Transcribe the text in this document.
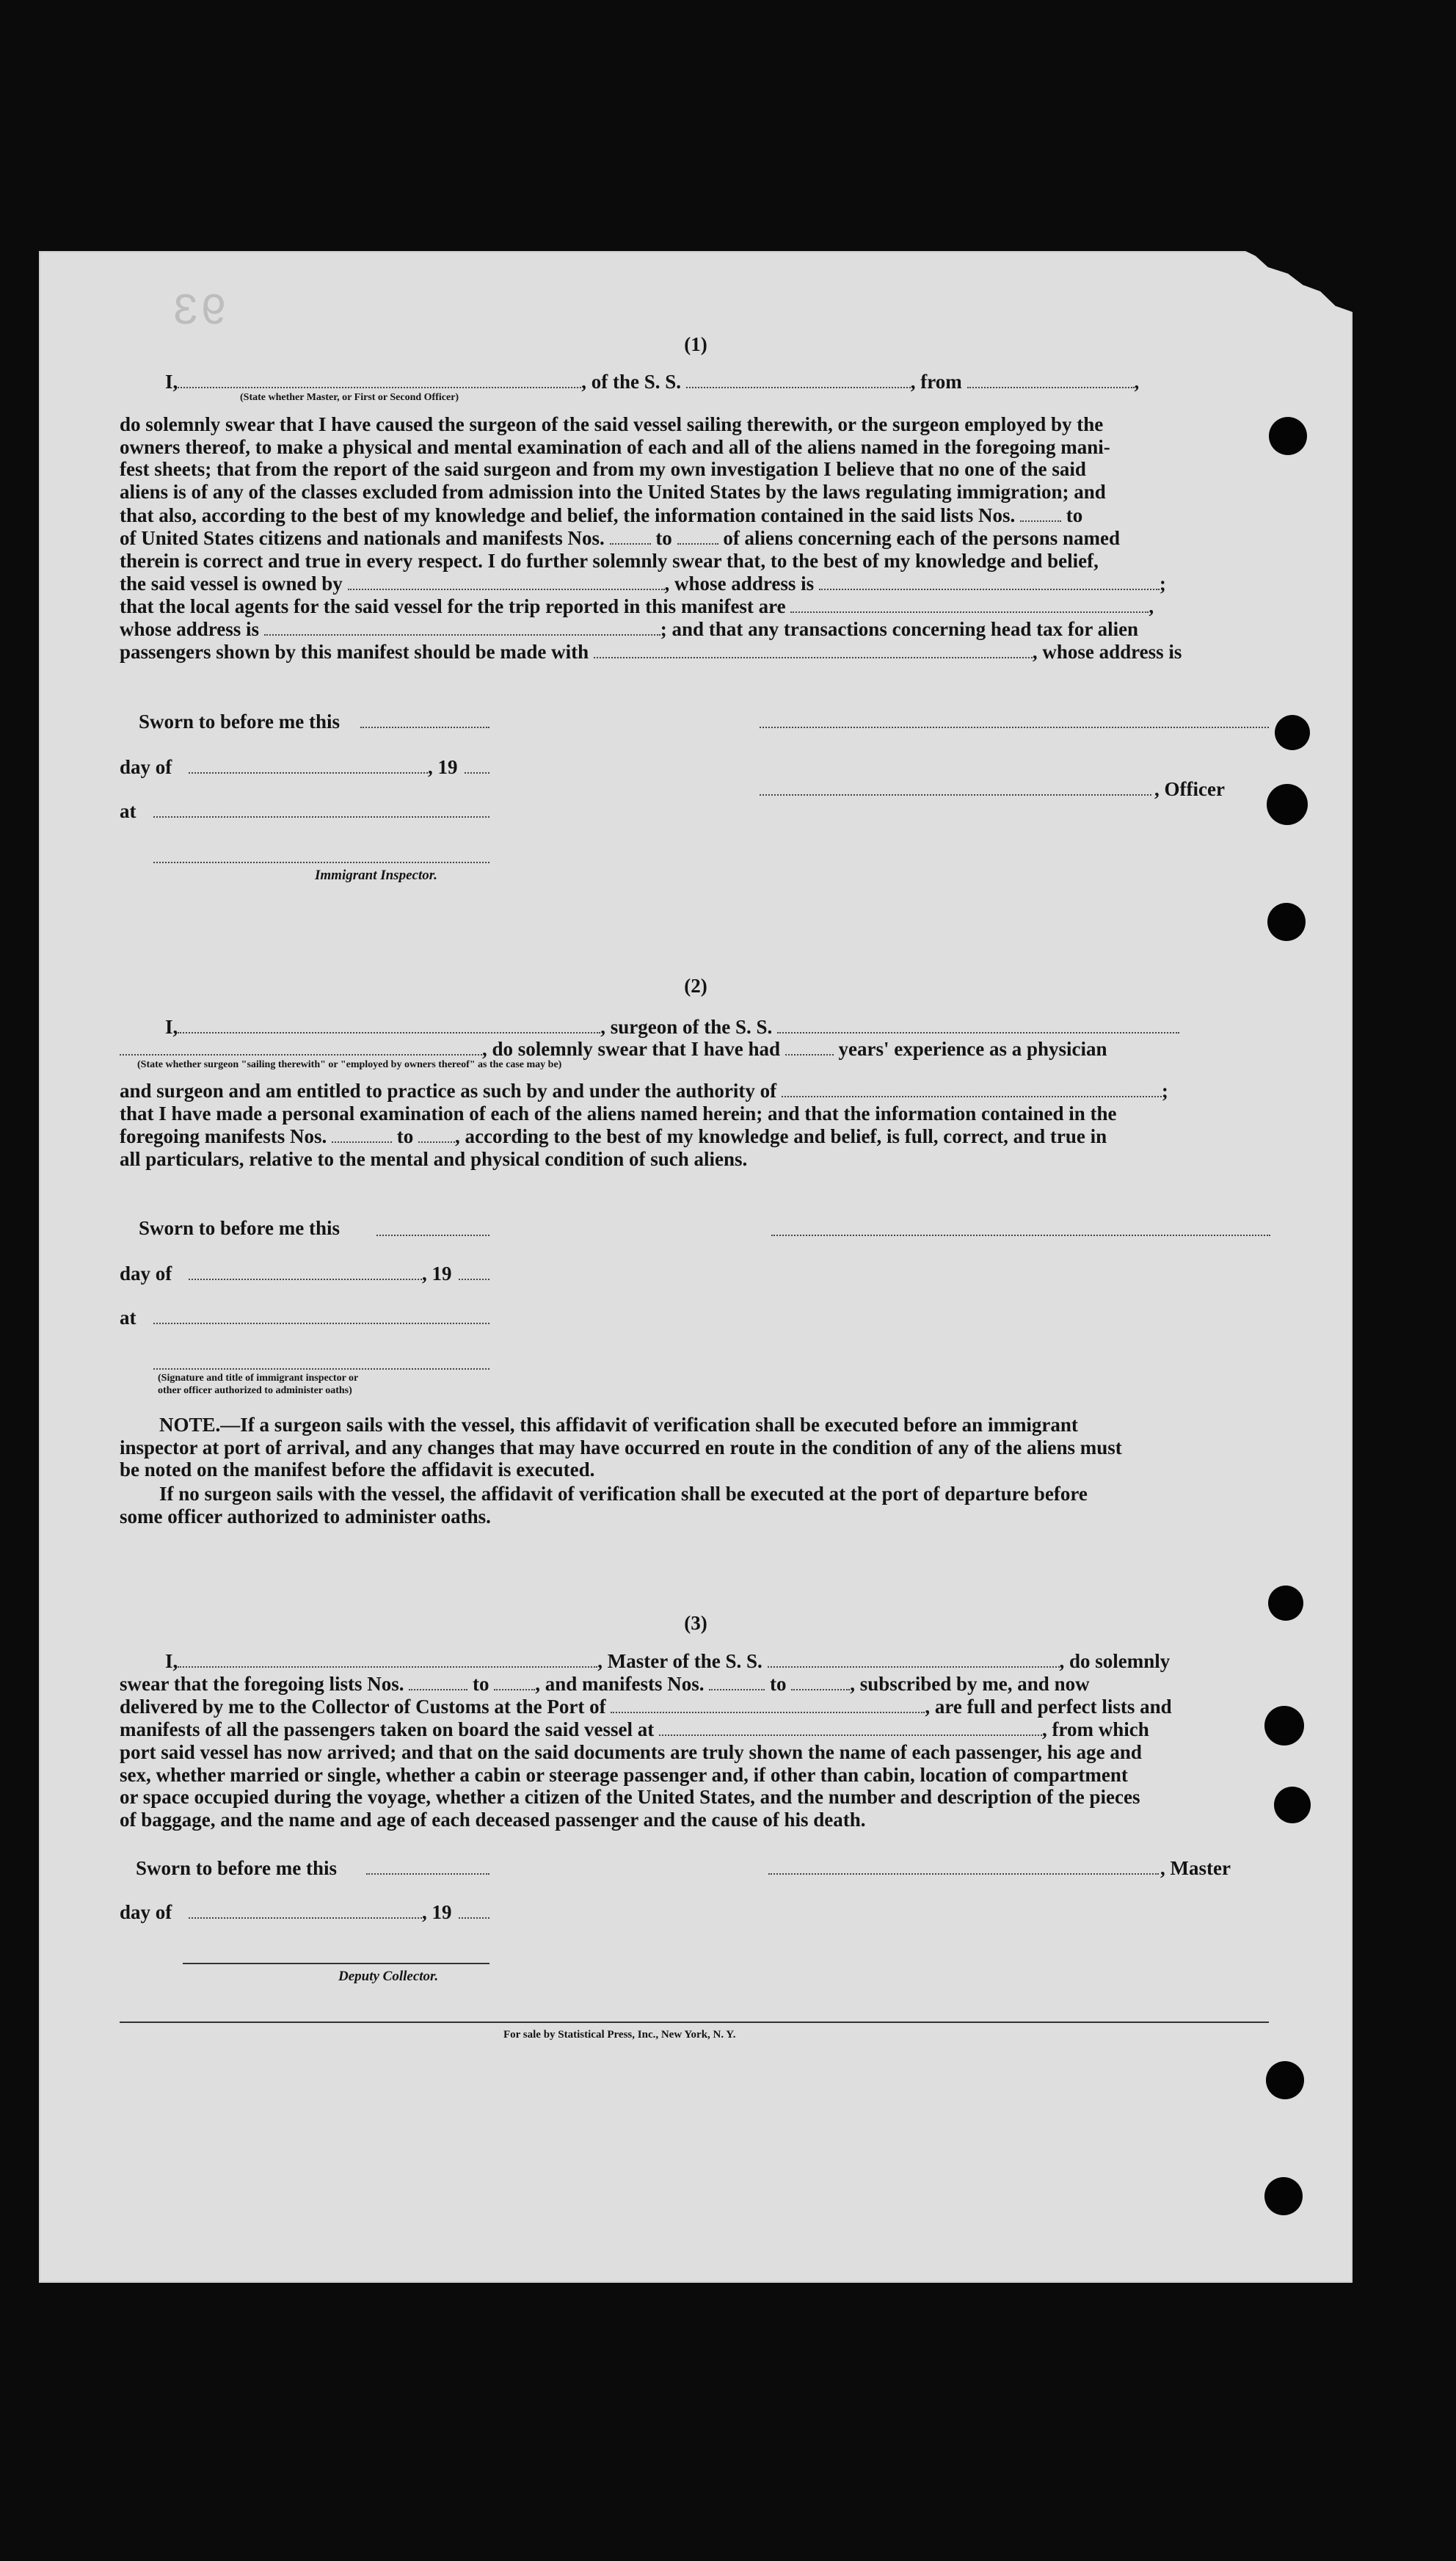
93
(1)
I,	, of the S. S.	, from	,
(State whether Master, or First or Second Officer)
do solemnly swear that I have caused the surgeon of the said vessel sailing therewith, or the surgeon employed by the
owners thereof, to make a physical and mental examination of each and all of the aliens named in the foregoing mani-
fest sheets; that from the report of the said surgeon and from my own investigation I believe that no one of the said
aliens is of any of the classes excluded from admission into the United States by the laws regulating immigration; and
that also, according to the best of my knowledge and belief, the information contained in the said lists Nos.	to
of United States citizens and nationals and manifests Nos.	to	of aliens concerning each of the persons named
therein is correct and true in every respect. I do further solemnly swear that, to the best of my knowledge and belief,
the said vessel is owned by	, whose address is	;
that the local agents for the said vessel for the trip reported in this manifest are	,
whose address is	; and that any transactions concerning head tax for alien
passengers shown by this manifest should be made with	, whose address is
Sworn to before me this
day of	, 19
at
, Officer
Immigrant Inspector.
(2)
I,	, surgeon of the S. S.
, do solemnly swear that I have had	years' experience as a physician
(State whether surgeon "sailing therewith" or "employed by owners thereof" as the case may be)
and surgeon and am entitled to practice as such by and under the authority of	;
that I have made a personal examination of each of the aliens named herein; and that the information contained in the
foregoing manifests Nos.	to , according to the best of my knowledge and belief, is full, correct, and true in
all particulars, relative to the mental and physical condition of such aliens.
Sworn to before me this
day of	, 19
at
(Signature and title of immigrant inspector or
other officer authorized to administer oaths)
NOTE.—If a surgeon sails with the vessel, this affidavit of verification shall be executed before an immigrant
inspector at port of arrival, and any changes that may have occurred en route in the condition of any of the aliens must
be noted on the manifest before the affidavit is executed.
If no surgeon sails with the vessel, the affidavit of verification shall be executed at the port of departure before
some officer authorized to administer oaths.
(3)
I,	, Master of the S. S.	, do solemnly
swear that the foregoing lists Nos.	to , and manifests Nos.	to	, subscribed by me, and now
delivered by me to the Collector of Customs at the Port of	, are full and perfect lists and
manifests of all the passengers taken on board the said vessel at	, from which
port said vessel has now arrived; and that on the said documents are truly shown the name of each passenger, his age and
sex, whether married or single, whether a cabin or steerage passenger and, if other than cabin, location of compartment
or space occupied during the voyage, whether a citizen of the United States, and the number and description of the pieces
of baggage, and the name and age of each deceased passenger and the cause of his death.
Sworn to before me this	, Master
day of	, 19
Deputy Collector.
For sale by Statistical Press, Inc., New York, N. Y.
